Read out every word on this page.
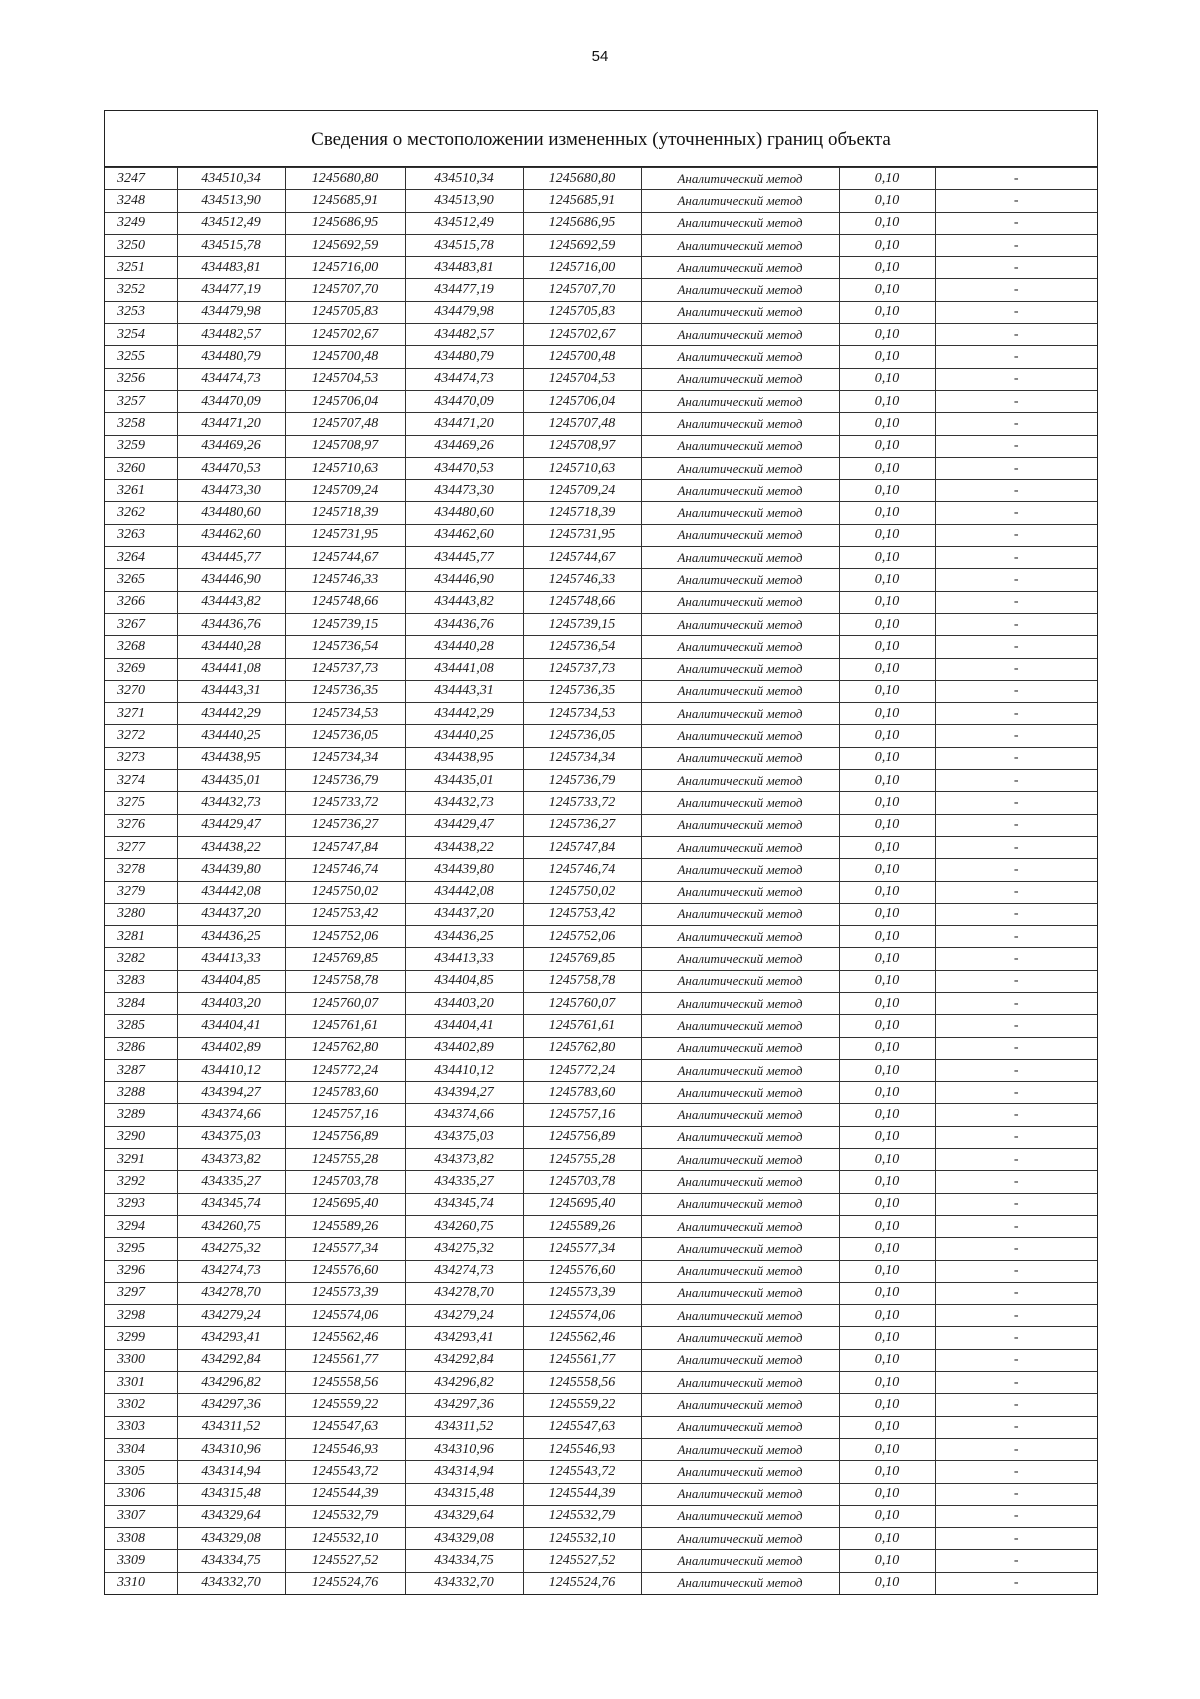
54
Сведения о местоположении измененных (уточненных) границ объекта
3247	434510,34	1245680,80	434510,34	1245680,80	Аналитический метод	0,10	-
3248	434513,90	1245685,91	434513,90	1245685,91	Аналитический метод	0,10	-
3249	434512,49	1245686,95	434512,49	1245686,95	Аналитический метод	0,10	-
3250	434515,78	1245692,59	434515,78	1245692,59	Аналитический метод	0,10	-
3251	434483,81	1245716,00	434483,81	1245716,00	Аналитический метод	0,10	-
3252	434477,19	1245707,70	434477,19	1245707,70	Аналитический метод	0,10	-
3253	434479,98	1245705,83	434479,98	1245705,83	Аналитический метод	0,10	-
3254	434482,57	1245702,67	434482,57	1245702,67	Аналитический метод	0,10	-
3255	434480,79	1245700,48	434480,79	1245700,48	Аналитический метод	0,10	-
3256	434474,73	1245704,53	434474,73	1245704,53	Аналитический метод	0,10	-
3257	434470,09	1245706,04	434470,09	1245706,04	Аналитический метод	0,10	-
3258	434471,20	1245707,48	434471,20	1245707,48	Аналитический метод	0,10	-
3259	434469,26	1245708,97	434469,26	1245708,97	Аналитический метод	0,10	-
3260	434470,53	1245710,63	434470,53	1245710,63	Аналитический метод	0,10	-
3261	434473,30	1245709,24	434473,30	1245709,24	Аналитический метод	0,10	-
3262	434480,60	1245718,39	434480,60	1245718,39	Аналитический метод	0,10	-
3263	434462,60	1245731,95	434462,60	1245731,95	Аналитический метод	0,10	-
3264	434445,77	1245744,67	434445,77	1245744,67	Аналитический метод	0,10	-
3265	434446,90	1245746,33	434446,90	1245746,33	Аналитический метод	0,10	-
3266	434443,82	1245748,66	434443,82	1245748,66	Аналитический метод	0,10	-
3267	434436,76	1245739,15	434436,76	1245739,15	Аналитический метод	0,10	-
3268	434440,28	1245736,54	434440,28	1245736,54	Аналитический метод	0,10	-
3269	434441,08	1245737,73	434441,08	1245737,73	Аналитический метод	0,10	-
3270	434443,31	1245736,35	434443,31	1245736,35	Аналитический метод	0,10	-
3271	434442,29	1245734,53	434442,29	1245734,53	Аналитический метод	0,10	-
3272	434440,25	1245736,05	434440,25	1245736,05	Аналитический метод	0,10	-
3273	434438,95	1245734,34	434438,95	1245734,34	Аналитический метод	0,10	-
3274	434435,01	1245736,79	434435,01	1245736,79	Аналитический метод	0,10	-
3275	434432,73	1245733,72	434432,73	1245733,72	Аналитический метод	0,10	-
3276	434429,47	1245736,27	434429,47	1245736,27	Аналитический метод	0,10	-
3277	434438,22	1245747,84	434438,22	1245747,84	Аналитический метод	0,10	-
3278	434439,80	1245746,74	434439,80	1245746,74	Аналитический метод	0,10	-
3279	434442,08	1245750,02	434442,08	1245750,02	Аналитический метод	0,10	-
3280	434437,20	1245753,42	434437,20	1245753,42	Аналитический метод	0,10	-
3281	434436,25	1245752,06	434436,25	1245752,06	Аналитический метод	0,10	-
3282	434413,33	1245769,85	434413,33	1245769,85	Аналитический метод	0,10	-
3283	434404,85	1245758,78	434404,85	1245758,78	Аналитический метод	0,10	-
3284	434403,20	1245760,07	434403,20	1245760,07	Аналитический метод	0,10	-
3285	434404,41	1245761,61	434404,41	1245761,61	Аналитический метод	0,10	-
3286	434402,89	1245762,80	434402,89	1245762,80	Аналитический метод	0,10	-
3287	434410,12	1245772,24	434410,12	1245772,24	Аналитический метод	0,10	-
3288	434394,27	1245783,60	434394,27	1245783,60	Аналитический метод	0,10	-
3289	434374,66	1245757,16	434374,66	1245757,16	Аналитический метод	0,10	-
3290	434375,03	1245756,89	434375,03	1245756,89	Аналитический метод	0,10	-
3291	434373,82	1245755,28	434373,82	1245755,28	Аналитический метод	0,10	-
3292	434335,27	1245703,78	434335,27	1245703,78	Аналитический метод	0,10	-
3293	434345,74	1245695,40	434345,74	1245695,40	Аналитический метод	0,10	-
3294	434260,75	1245589,26	434260,75	1245589,26	Аналитический метод	0,10	-
3295	434275,32	1245577,34	434275,32	1245577,34	Аналитический метод	0,10	-
3296	434274,73	1245576,60	434274,73	1245576,60	Аналитический метод	0,10	-
3297	434278,70	1245573,39	434278,70	1245573,39	Аналитический метод	0,10	-
3298	434279,24	1245574,06	434279,24	1245574,06	Аналитический метод	0,10	-
3299	434293,41	1245562,46	434293,41	1245562,46	Аналитический метод	0,10	-
3300	434292,84	1245561,77	434292,84	1245561,77	Аналитический метод	0,10	-
3301	434296,82	1245558,56	434296,82	1245558,56	Аналитический метод	0,10	-
3302	434297,36	1245559,22	434297,36	1245559,22	Аналитический метод	0,10	-
3303	434311,52	1245547,63	434311,52	1245547,63	Аналитический метод	0,10	-
3304	434310,96	1245546,93	434310,96	1245546,93	Аналитический метод	0,10	-
3305	434314,94	1245543,72	434314,94	1245543,72	Аналитический метод	0,10	-
3306	434315,48	1245544,39	434315,48	1245544,39	Аналитический метод	0,10	-
3307	434329,64	1245532,79	434329,64	1245532,79	Аналитический метод	0,10	-
3308	434329,08	1245532,10	434329,08	1245532,10	Аналитический метод	0,10	-
3309	434334,75	1245527,52	434334,75	1245527,52	Аналитический метод	0,10	-
3310	434332,70	1245524,76	434332,70	1245524,76	Аналитический метод	0,10	-
